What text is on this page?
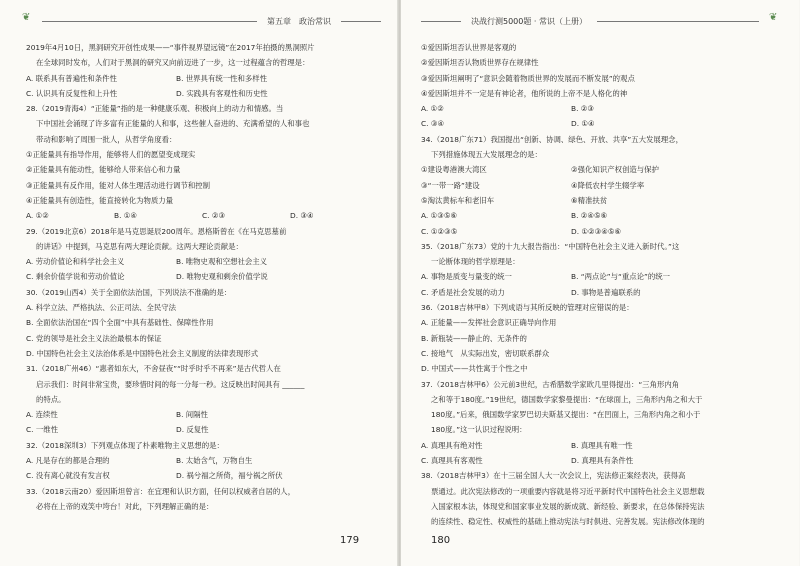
❦	第五章　政治常识
2019年4月10日，黑洞研究开创性成果——“事件视界望远镜”在2017年拍摄的黑洞照片
在全球同时发布，人们对于黑洞的研究又向前迈进了一步，这一过程蕴含的哲理是：
A. 联系具有普遍性和条件性	B. 世界具有统一性和多样性
C. 认识具有反复性和上升性	D. 实践具有客观性和历史性
28.（2019青海4）“正能量”指的是一种健康乐观、积极向上的动力和情感。当
下中国社会涌现了许多富有正能量的人和事，这些催人奋进的、充满希望的人和事也
带动和影响了周围一批人，从哲学角度看：
①正能量具有指导作用，能够将人们的愿望变成现实
②正能量具有能动性，能够给人带来信心和力量
③正能量具有反作用，能对人体生理活动进行调节和控制
④正能量具有创造性，能直接转化为物质力量
A. ①②	B. ①④	C. ②③	D. ③④
29.（2019北京6）2018年是马克思诞辰200周年。恩格斯曾在《在马克思墓前
的讲话》中提到，马克思有两大理论贡献。这两大理论贡献是：
A. 劳动价值论和科学社会主义	B. 唯物史观和空想社会主义
C. 剩余价值学说和劳动价值论	D. 唯物史观和剩余价值学说
30.（2019山西4）关于全面依法治国，下列说法不准确的是：
A. 科学立法、严格执法、公正司法、全民守法
B. 全面依法治国在“四个全面”中具有基础性、保障性作用
C. 党的领导是社会主义法治最根本的保证
D. 中国特色社会主义法治体系是中国特色社会主义制度的法律表现形式
31.（2018广州46）“惠者如东大，不舍昼夜”“时乎时乎不再来”是古代哲人在
启示我们：时间非常宝贵，要珍惜时间的每一分每一秒。这反映出时间具有 ______
的特点。
A. 连续性	B. 间隔性
C. 一维性	D. 反复性
32.（2018深圳3）下列观点体现了朴素唯物主义思想的是：
A. 凡是存在的都是合理的	B. 太始含气，万物自生
C. 没有离心就没有发言权	D. 祸兮福之所倚，福兮祸之所伏
33.（2018云南20）爱因斯坦曾言：在宜理和认识方面，任何以权威者自居的人，
必将在上帝的戏笑中垮台！对此，下列理解正确的是：
179
❦
决战行测5000题 · 常识（上册）
①爱因斯坦否认世界是客观的
②爱因斯坦否认物质世界存在规律性
③爱因斯坦阐明了“意识会随着物质世界的发展而不断发展”的观点
④爱因斯坦并不一定是有神论者，他所说的上帝不是人格化的神
A. ①②	B. ②③
C. ③④	D. ①④
34.（2018广东71）我国提出“创新、协调、绿色、开放、共享”五大发展理念，
下列措施体现五大发展理念的是：
①建设粤港澳大湾区	②强化知识产权创造与保护
③“一带一路”建设	④降低农村学生辍学率
⑤淘汰黄标车和老旧车	⑥精准扶贫
A. ①③⑤⑥	B. ②④⑤⑥
C. ①②③⑤	D. ①②③④⑤⑥
35.（2018广东73）党的十九大报告指出：“中国特色社会主义进入新时代。”这
一论断体现的哲学原理是：
A. 事物是质变与量变的统一	B. “两点论”与“重点论”的统一
C. 矛盾是社会发展的动力	D. 事物是普遍联系的
36.（2018吉林甲8）下列成语与其所反映的管理对应错误的是：
A. 正能量——发挥社会意识正确导向作用
B. 新瓶装——静止的、无条件的
C. 接地气　从实际出发，密切联系群众
D. 中国式——共性寓于个性之中
37.（2018吉林甲6）公元前3世纪，古希腊数学家欧几里得提出：“三角形内角
之和等于180度。”19世纪，德国数学家黎曼提出：“在球面上，三角形内角之和大于
180度。”后来，俄国数学家罗巴切夫斯基又提出：“在凹面上，三角形内角之和小于
180度。”这一认识过程说明：
A. 真理具有绝对性	B. 真理具有唯一性
C. 真理具有客观性	D. 真理具有条件性
38.（2018吉林甲3）在十三届全国人大一次会议上，宪法修正案经表决，获得高
票通过。此次宪法修改的一项重要内容就是将习近平新时代中国特色社会主义思想载
入国家根本法，体现党和国家事业发展的新成就、新经验、新要求，在总体保持宪法
的连续性、稳定性、权威性的基础上推动宪法与时俱进、完善发展。宪法修改体现的
180
